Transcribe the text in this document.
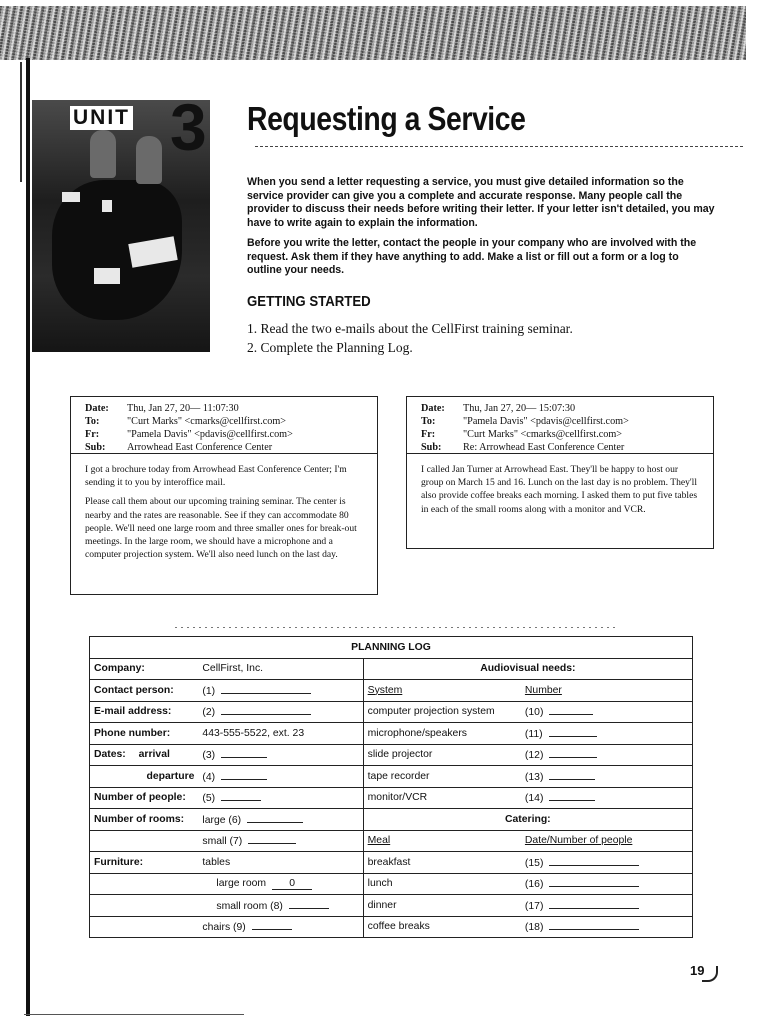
UNIT 3 Requesting a Service

When you send a letter requesting a service, you must give detailed information so the service provider can give you a complete and accurate response. Many people call the provider to discuss their needs before writing their letter. If your letter isn't detailed, you may have to write again to explain the information.

Before you write the letter, contact the people in your company who are involved with the request. Ask them if they have anything to add. Make a list or fill out a form or a log to outline your needs.

GETTING STARTED
1. Read the two e-mails about the CellFirst training seminar.
2. Complete the Planning Log.
Date:	Thu, Jan 27, 20— 11:07:30
To:	"Curt Marks" <cmarks@cellfirst.com>
Fr:	"Pamela Davis" <pdavis@cellfirst.com>
Sub:	Arrowhead East Conference Center

I got a brochure today from Arrowhead East Conference Center; I'm sending it to you by interoffice mail.

Please call them about our upcoming training seminar. The center is nearby and the rates are reasonable. See if they can accommodate 80 people. We'll need one large room and three smaller ones for break-out meetings. In the large room, we should have a microphone and a computer projection system. We'll also need lunch on the last day.

Date:	Thu, Jan 27, 20— 15:07:30
To:	"Pamela Davis" <pdavis@cellfirst.com>
Fr:	"Curt Marks" <cmarks@cellfirst.com>
Sub:	Re: Arrowhead East Conference Center

I called Jan Turner at Arrowhead East. They'll be happy to host our group on March 15 and 16. Lunch on the last day is no problem. They'll also provide coffee breaks each morning. I asked them to put five tables in each of the small rooms along with a monitor and VCR.

PLANNING LOG			
Company:	CellFirst, Inc.	Audiovisual needs:	
Contact person:	(1)	System	Number
E-mail address:	(2)	computer projection system	(10)
Phone number:	443-555-5522, ext. 23	microphone/speakers	(11)
Dates: arrival	(3)	slide projector	(12)
departure	(4)	tape recorder	(13)
Number of people:	(5)	monitor/VCR	(14)
Number of rooms:	large (6)	Catering:	
	small (7)	Meal	Date/Number of people
Furniture:	tables	breakfast	(15)
	large room 0	lunch	(16)
	small room (8)	dinner	(17)
	chairs (9)	coffee breaks	(18)
19
